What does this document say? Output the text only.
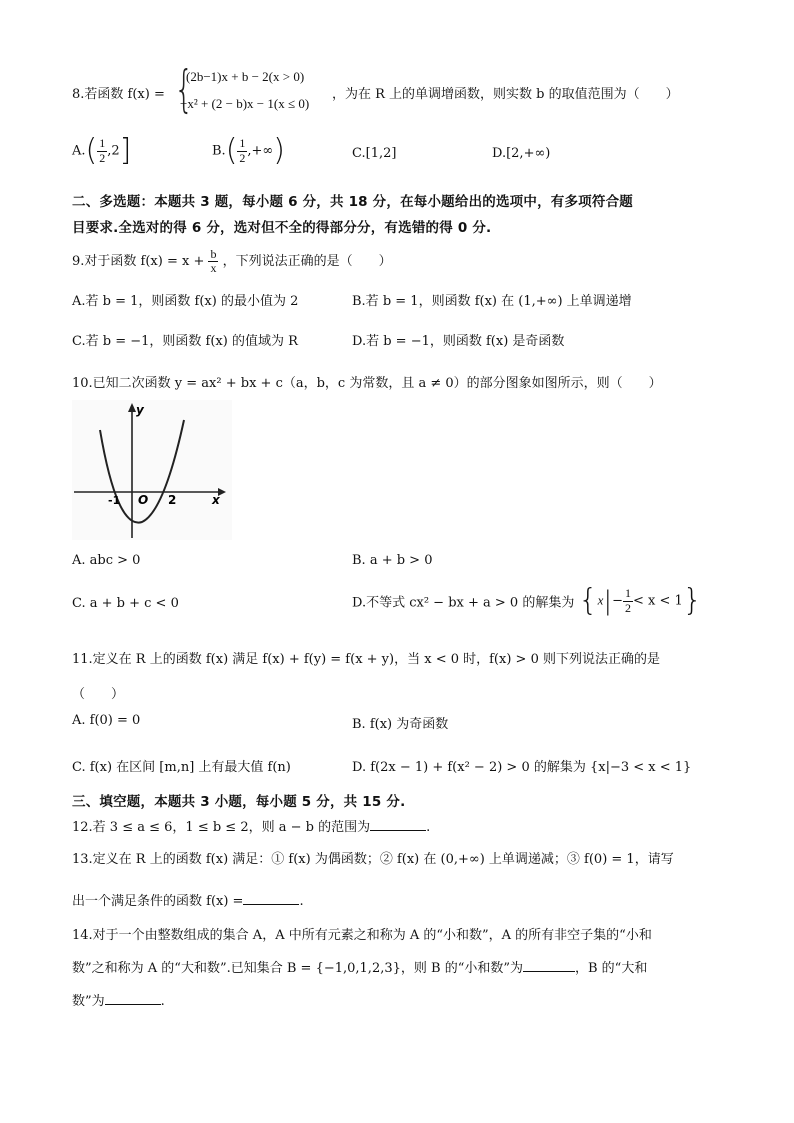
8.若函数 f(x) = {
(2b−1)x + b − 2(x > 0)
−x² + (2 − b)x − 1(x ≤ 0)
，为在 R 上的单调增函数，则实数 b 的取值范围为（　　）
$A.( \frac{1}{2} ,2]$	$B.( \frac{1}{2}$ ,+∞)	C.[1,2]	D.[2,+∞)
二、多选题：本题共 3 题，每小题 6 分，共 18 分，在每小题给出的选项中，有多项符合题
目要求.全选对的得 6 分，选对但不全的得部分分，有选错的得 0 分.
9.对于函数 $f(x) = x + \frac{b}{x}$ ，下列说法正确的是（　　）
A.若 b = 1，则函数 f(x) 的最小值为 2	B.若 b = 1，则函数 f(x) 在 (1,+∞) 上单调递增
C.若 b = −1，则函数 f(x) 的值域为 R	D.若 b = −1，则函数 f(x) 是奇函数
10.已知二次函数 y = ax² + bx + c（a，b，c 为常数，且 a ≠ 0）的部分图象如图所示，则（　　）
y
x
-1 O 2
A. abc > 0	B. a + b > 0
C. a + b + c < 0	D.不等式 cx² − bx + a > 0 的解集为 $\{x|- \frac{1}{2} < x < 1\}$
11.定义在 R 上的函数 f(x) 满足 f(x) + f(y) = f(x + y)，当 x < 0 时，f(x) > 0 则下列说法正确的是
（　　）
A. f(0) = 0	B. f(x) 为奇函数
C. f(x) 在区间 [m,n] 上有最大值 f(n)	D. f(2x − 1) + f(x² − 2) > 0 的解集为 {x|−3 < x < 1}
三、填空题，本题共 3 小题，每小题 5 分，共 15 分.
12.若 3 ≤ a ≤ 6，1 ≤ b ≤ 2，则 a − b 的范围为	.
13.定义在 R 上的函数 f(x) 满足：① f(x) 为偶函数；② f(x) 在 (0,+∞) 上单调递减；③ f(0) = 1，请写
出一个满足条件的函数 f(x) =	.
14.对于一个由整数组成的集合 A，A 中所有元素之和称为 A 的“小和数”，A 的所有非空子集的“小和
数”之和称为 A 的“大和数”.已知集合 B = {−1,0,1,2,3}，则 B 的“小和数”为	，B 的“大和
数”为	.
